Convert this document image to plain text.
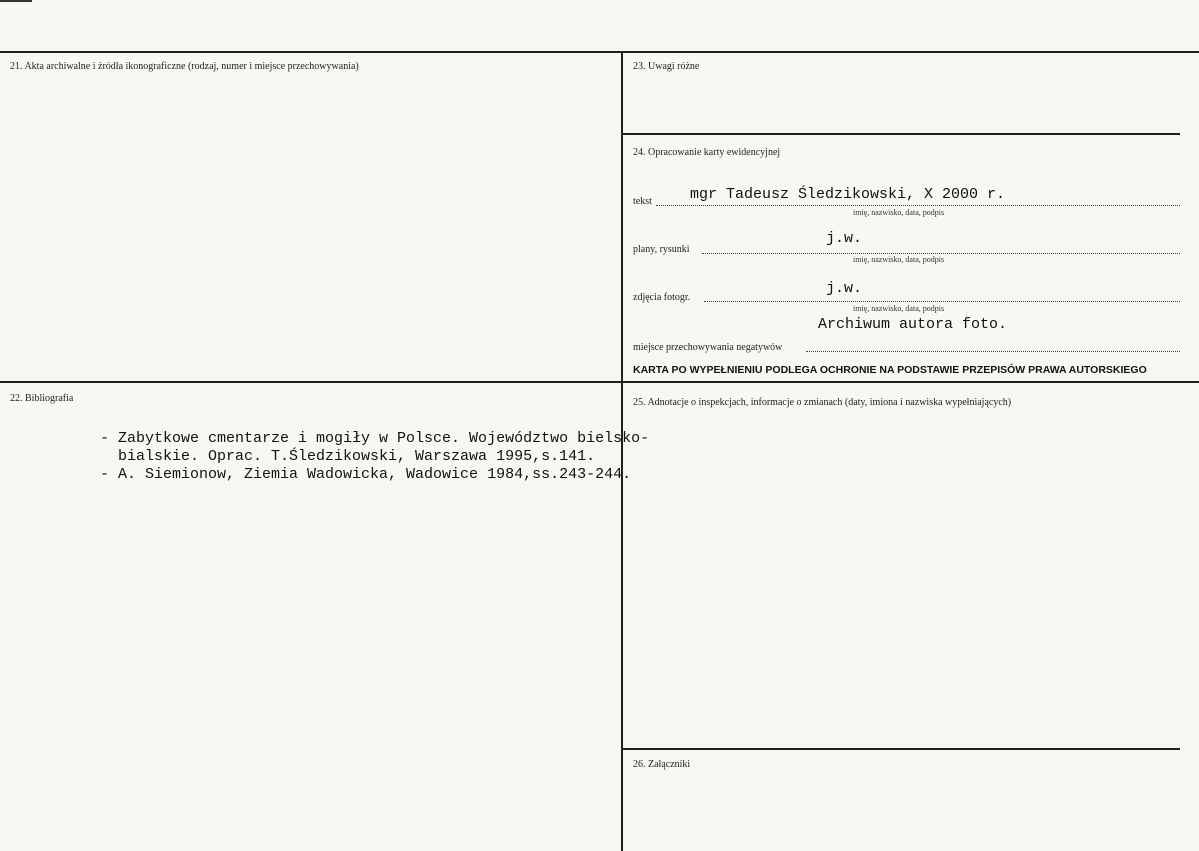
21. Akta archiwalne i źródła ikonograficzne (rodzaj, numer i miejsce przechowywania)
22. Bibliografia
- Zabytkowe cmentarze i mogiły w Polsce. Województwo bielsko-
bialskie. Oprac. T.Śledzikowski, Warszawa 1995,s.141.
- A. Siemionow, Ziemia Wadowicka, Wadowice 1984,ss.243-244.
23. Uwagi różne
24. Opracowanie karty ewidencyjnej
tekst	mgr Tadeusz Śledzikowski, X 2000 r.
imię, nazwisko, data, podpis
plany, rysunki
j.w.
imię, nazwisko, data, podpis
zdjęcia fotogr.
j.w.
imię, nazwisko, data, podpis
Archiwum autora foto.
miejsce przechowywania negatywów
KARTA PO WYPEŁNIENIU PODLEGA OCHRONIE NA PODSTAWIE PRZEPISÓW PRAWA AUTORSKIEGO
25. Adnotacje o inspekcjach, informacje o zmianach (daty, imiona i nazwiska wypełniających)
26. Załączniki
